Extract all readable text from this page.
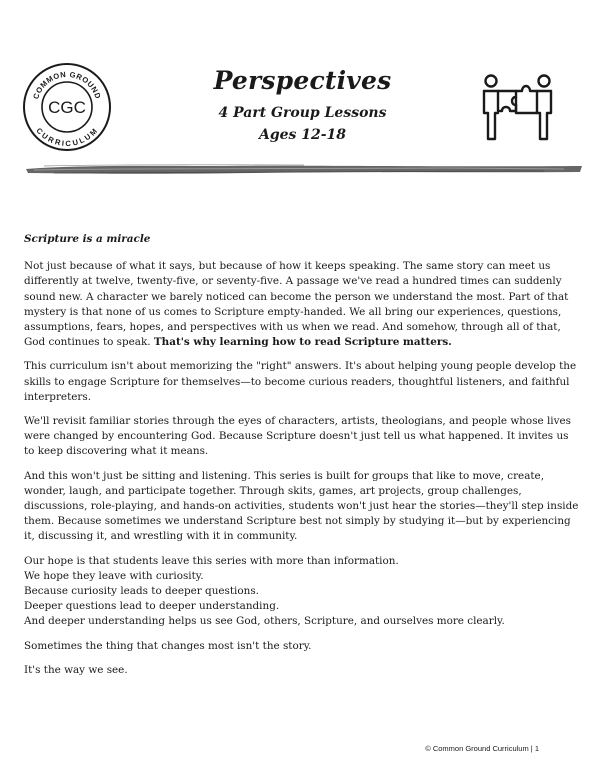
COMMON GROUND
CURRICULUM
CGC
Perspectives
4 Part Group Lessons
Ages 12-18

Scripture is a miracle

Not just because of what it says, but because of how it keeps speaking. The same story can meet us differently at twelve, twenty-five, or seventy-five. A passage we've read a hundred times can suddenly sound new. A character we barely noticed can become the person we understand the most. Part of that mystery is that none of us comes to Scripture empty-handed. We all bring our experiences, questions, assumptions, fears, hopes, and perspectives with us when we read. And somehow, through all of that, God continues to speak. That's why learning how to read Scripture matters.

This curriculum isn't about memorizing the "right" answers. It's about helping young people develop the skills to engage Scripture for themselves—to become curious readers, thoughtful listeners, and faithful interpreters.

We'll revisit familiar stories through the eyes of characters, artists, theologians, and people whose lives were changed by encountering God. Because Scripture doesn't just tell us what happened. It invites us to keep discovering what it means.

And this won't just be sitting and listening. This series is built for groups that like to move, create, wonder, laugh, and participate together. Through skits, games, art projects, group challenges, discussions, role-playing, and hands-on activities, students won't just hear the stories—they'll step inside them. Because sometimes we understand Scripture best not simply by studying it—but by experiencing it, discussing it, and wrestling with it in community.

Our hope is that students leave this series with more than information.
We hope they leave with curiosity.
Because curiosity leads to deeper questions.
Deeper questions lead to deeper understanding.
And deeper understanding helps us see God, others, Scripture, and ourselves more clearly.

Sometimes the thing that changes most isn't the story.

It's the way we see.

© Common Ground Curriculum | 1
